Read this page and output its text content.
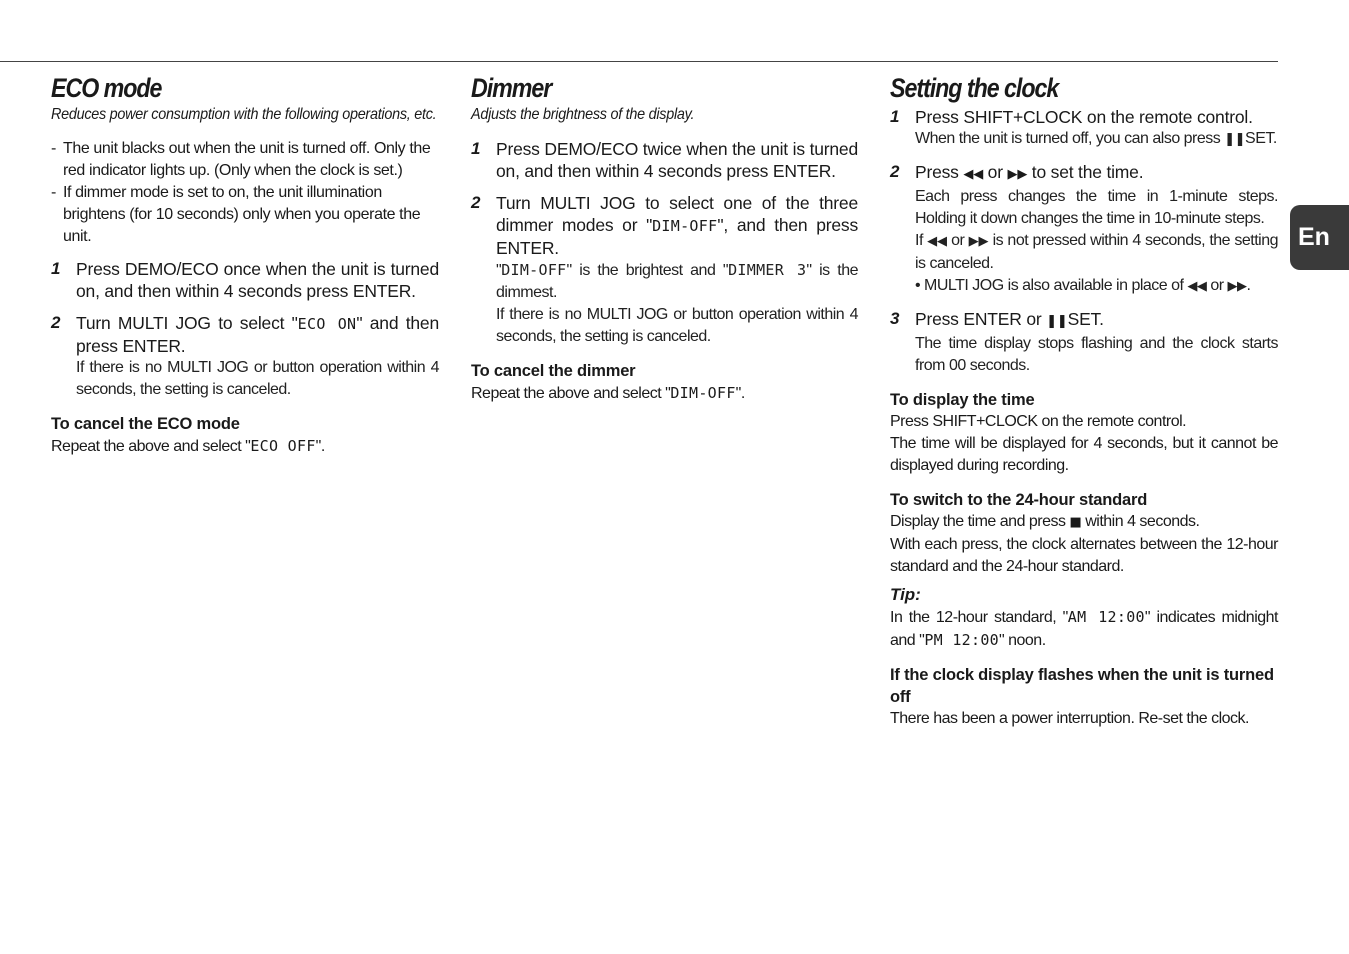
ECO mode
Reduces power consumption with the following operations, etc.
- The unit blacks out when the unit is turned off. Only the red indicator lights up. (Only when the clock is set.)
- If dimmer mode is set to on, the unit illumination brightens (for 10 seconds) only when you operate the unit.
1 Press DEMO/ECO once when the unit is turned on, and then within 4 seconds press ENTER.
2 Turn MULTI JOG to select "ECO ON" and then press ENTER.
If there is no MULTI JOG or button operation within 4 seconds, the setting is canceled.
To cancel the ECO mode
Repeat the above and select "ECO OFF".
Dimmer
Adjusts the brightness of the display.
1 Press DEMO/ECO twice when the unit is turned on, and then within 4 seconds press ENTER.
2 Turn MULTI JOG to select one of the three dimmer modes or "DIM-OFF", and then press ENTER.
"DIM-OFF" is the brightest and "DIMMER 3" is the dimmest.
If there is no MULTI JOG or button operation within 4 seconds, the setting is canceled.
To cancel the dimmer
Repeat the above and select "DIM-OFF".
Setting the clock
1 Press SHIFT+CLOCK on the remote control.
When the unit is turned off, you can also press ❚❚SET.
2 Press ◀◀ or ▶▶ to set the time.
Each press changes the time in 1-minute steps. Holding it down changes the time in 10-minute steps.
If ◀◀ or ▶▶ is not pressed within 4 seconds, the setting is canceled.
• MULTI JOG is also available in place of ◀◀ or ▶▶.
3 Press ENTER or ❚❚SET.
The time display stops flashing and the clock starts from 00 seconds.
To display the time
Press SHIFT+CLOCK on the remote control.
The time will be displayed for 4 seconds, but it cannot be displayed during recording.
To switch to the 24-hour standard
Display the time and press ■ within 4 seconds.
With each press, the clock alternates between the 12-hour standard and the 24-hour standard.
Tip:
In the 12-hour standard, "AM 12:00" indicates midnight and "PM 12:00" noon.
If the clock display flashes when the unit is turned off
There has been a power interruption. Re-set the clock.
En
